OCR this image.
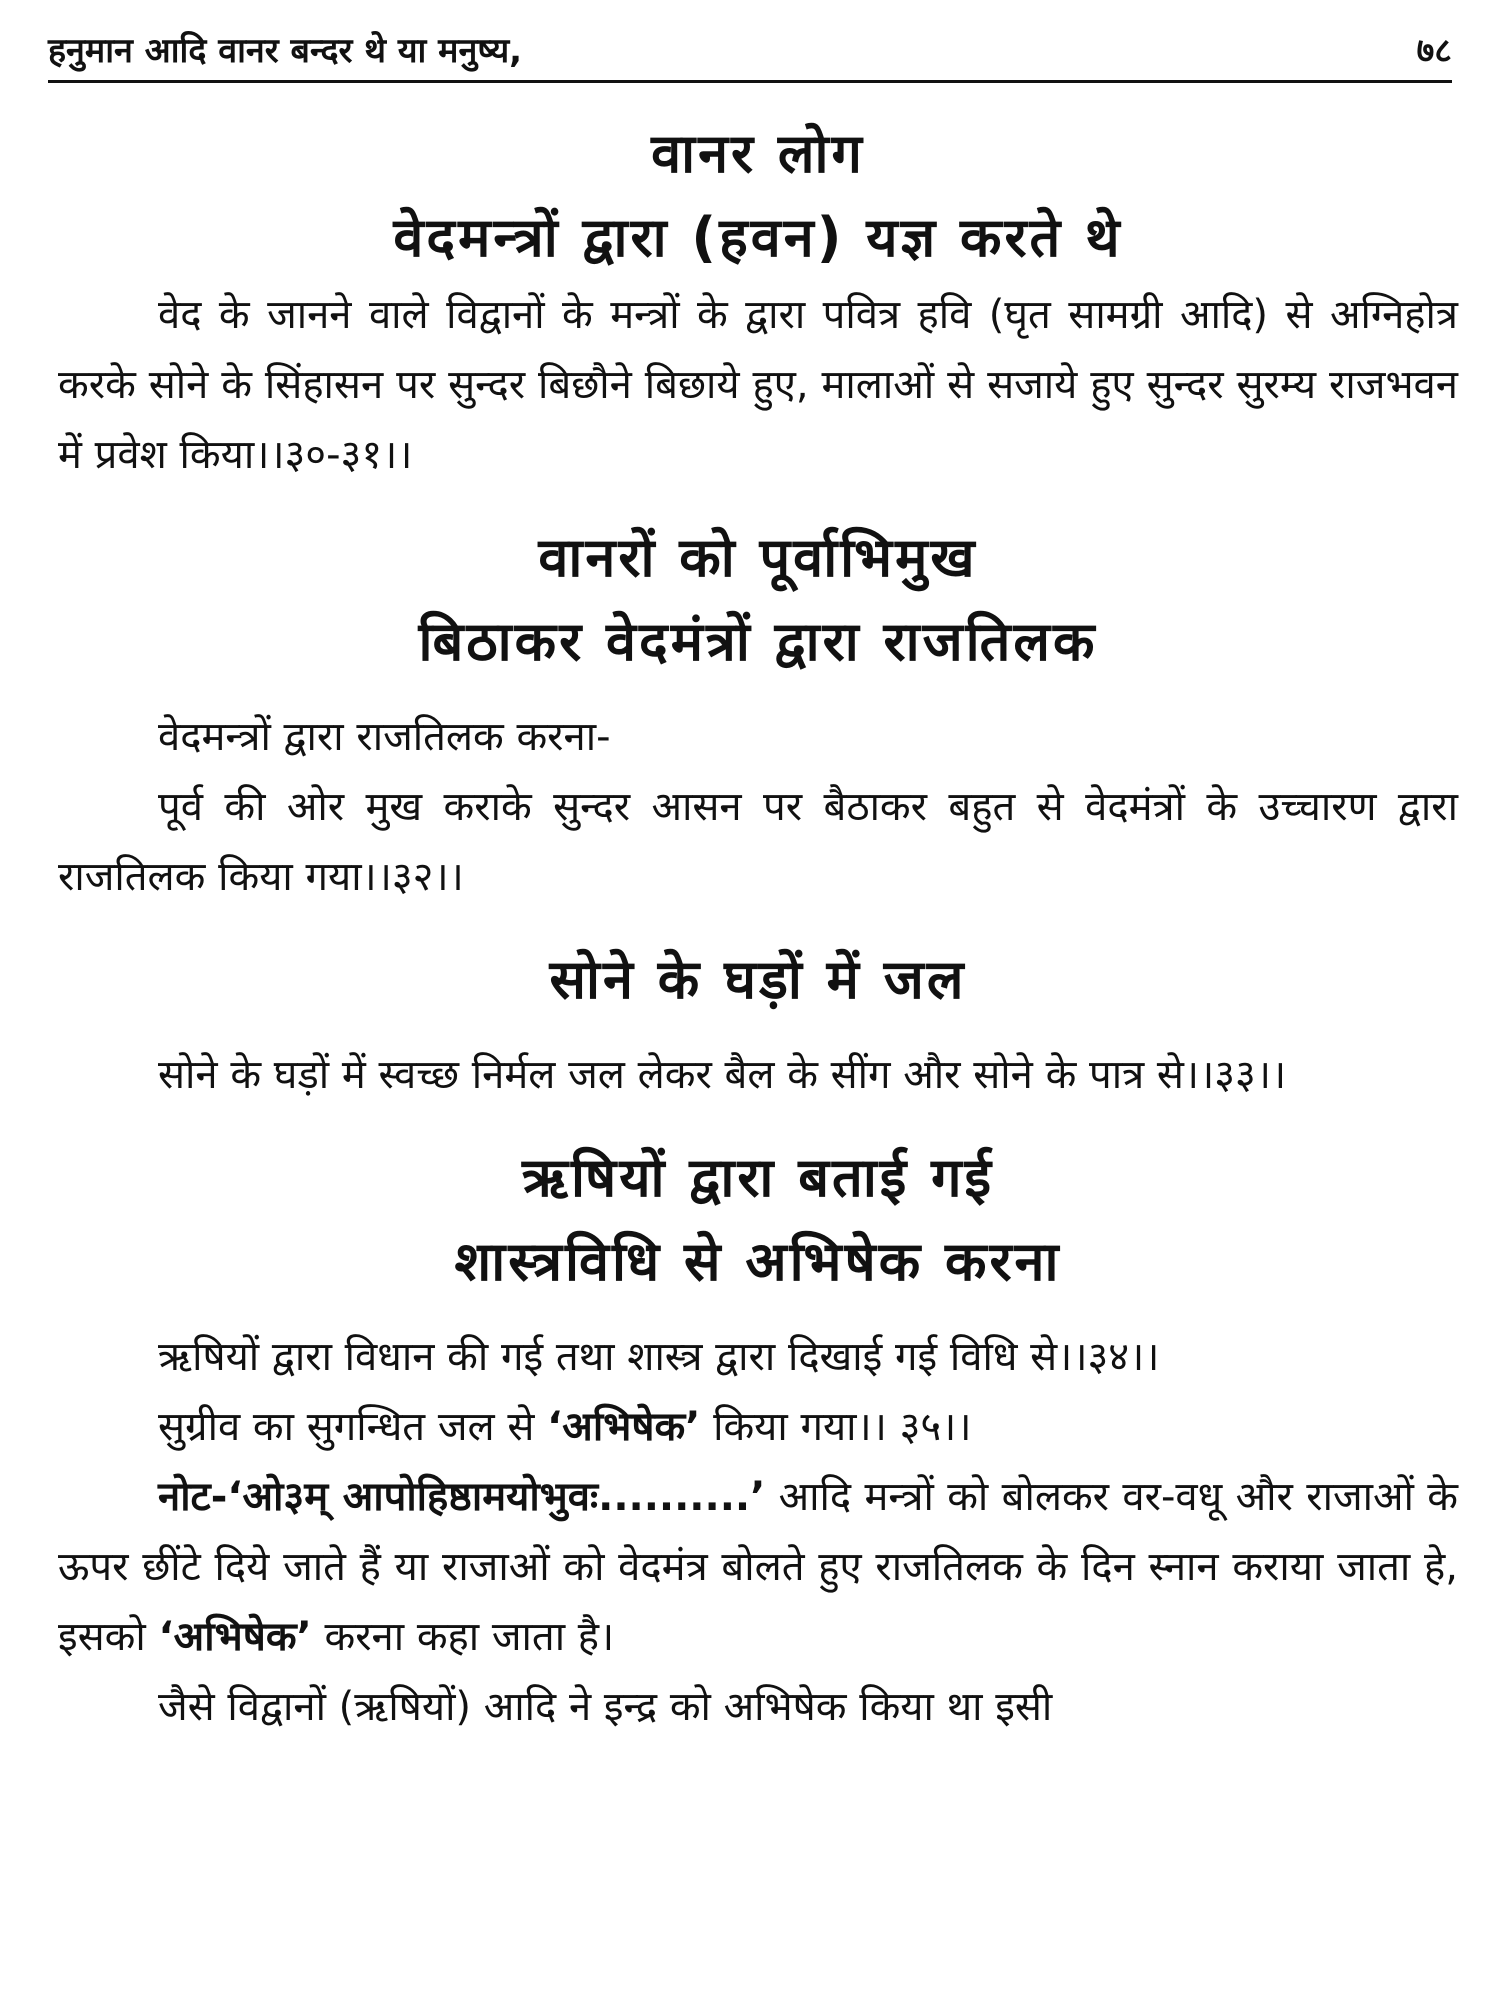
हनुमान आदि वानर बन्दर थे या मनुष्य,	७८
वानर लोग
वेदमन्त्रों द्वारा (हवन) यज्ञ करते थे

वेद के जानने वाले विद्वानों के मन्त्रों के द्वारा पवित्र हवि (घृत सामग्री आदि) से अग्निहोत्र करके सोने के सिंहासन पर सुन्दर बिछौने बिछाये हुए, मालाओं से सजाये हुए सुन्दर सुरम्य राजभवन में प्रवेश किया।।३०-३१।।

वानरों को पूर्वाभिमुख
बिठाकर वेदमंत्रों द्वारा राजतिलक

वेदमन्त्रों द्वारा राजतिलक करना-

पूर्व की ओर मुख कराके सुन्दर आसन पर बैठाकर बहुत से वेदमंत्रों के उच्चारण द्वारा राजतिलक किया गया।।३२।।

सोने के घड़ों में जल

सोने के घड़ों में स्वच्छ निर्मल जल लेकर बैल के सींग और सोने के पात्र से।।३३।।

ऋषियों द्वारा बताई गई
शास्त्रविधि से अभिषेक करना

ऋषियों द्वारा विधान की गई तथा शास्त्र द्वारा दिखाई गई विधि से।।३४।।

सुग्रीव का सुगन्धित जल से ‘अभिषेक’ किया गया।। ३५।।

नोट-‘ओ३म् आपोहिष्ठामयोभुवः..........’ आदि मन्त्रों को बोलकर वर-वधू और राजाओं के ऊपर छींटे दिये जाते हैं या राजाओं को वेदमंत्र बोलते हुए राजतिलक के दिन स्नान कराया जाता हे, इसको ‘अभिषेक’ करना कहा जाता है।

जैसे विद्वानों (ऋषियों) आदि ने इन्द्र को अभिषेक किया था इसी
